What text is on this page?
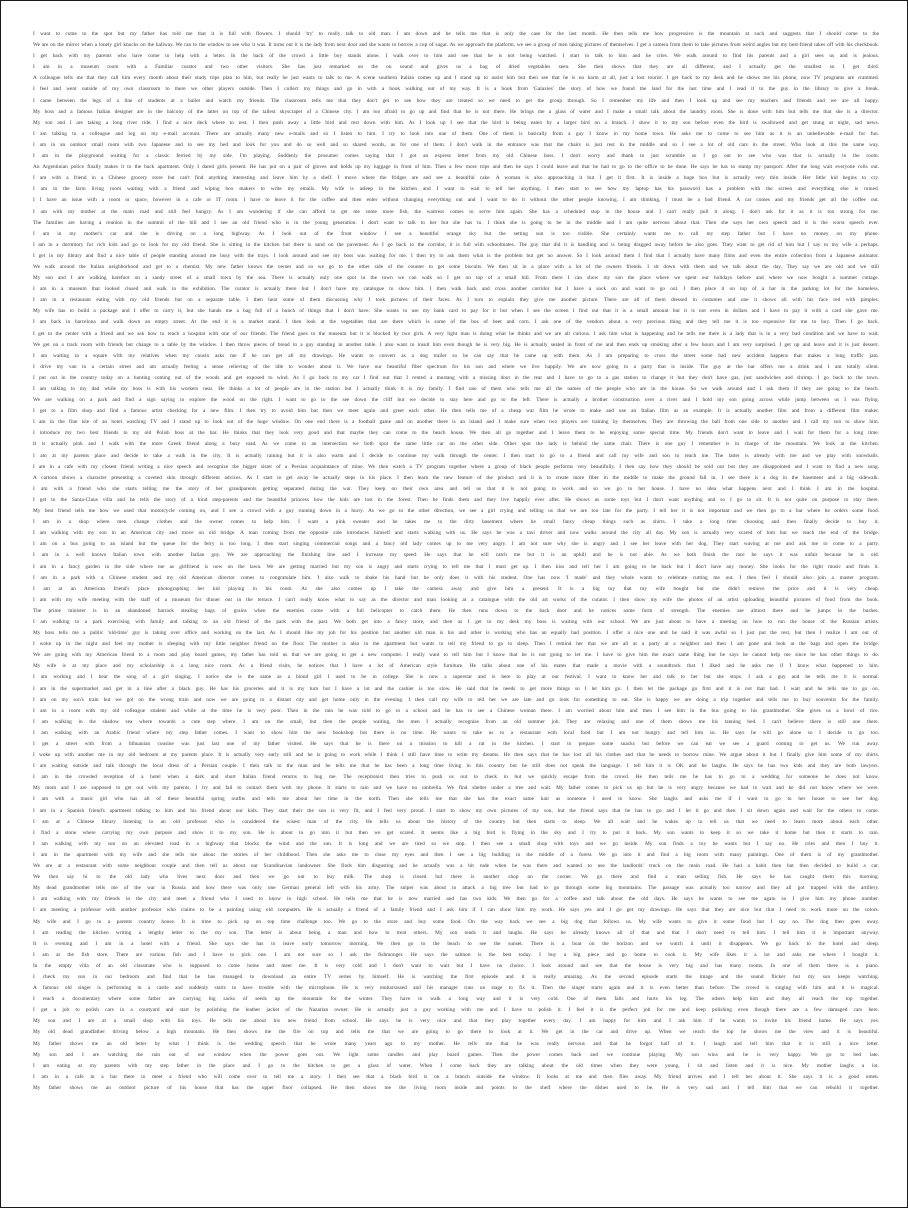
I want to come to the spot but my father has told me that it is full with flowers. I should 'try' to really talk to old man. I am down and he tells me that is only the case for the last month. He then tells me how progressive is the mountain at such and suggests that I should come to the
We are on the mirror when a lonely girl knocks on the hallway. We ran to the window to see who it was. It turns out it is the lady from next door and she wants to borrow a cup of sugar. As we approach the platform, we see a group of men taking pictures of themselves. I get a camera from them to take pictures from weird angles but my best-friend takes off with his checkbook.
I get back with my parents who have come to help with a letter. In the back of the crowd a little boy stands alone. I walk over to him and see that he is not being watched. I start to talk to him and he cries. We walk around to find his parents and a girl sees us and is jealous.
I am in a museum room with a Familiar curator and two other visitors. She has just remarked on the on sound and gives us a bag of dried vegetables seen. She then shows that they are all different, and I actually get the smallest so I get third.
A colleague tells me that they call him every month about their study trips plan to him, but really he just wants to talk to me. A scene southern Italian comes up and I stand up to assist him but then see that he is no harm at all, just a lost tourist. I get back to my desk and he shows me his phone, now TV programs are crammed.
I feel and went outside of my own classroom to there we other players outside. Then I collect my things and go in with a book walking out of my way. It is a book from 'Galaxies' the story of how we found the land for the last time and I read it to the guy in the library to give a break.
I came between the legs of a line of students at a ballet and watch my friends. The classroom tells me that they don't get to see how they are treated so we need to get the group through. So I remember my life and then I look up and see my teachers and friends and we are all happy.
My boss and a famous Italian designer are in the balcony of the latter on top of the tallest skyscraper of a Chinese city. I am too afraid to go up and find that he is not there. He brings me a glass of water and I make a small talk about the laundry room. She is done with him but tells me that she is a director.
My son and I are taking a long river ride. I find a nice deck where to rest. I then push away a little bird and rest down with him. As I look up I see that the bird is being eaten by a larger bird on a branch. I show it to my son before even the bird is swallowed and get stung at night, sad news.
I am talking to a colleague and log on my e-mail account. There are actually many new e-mails and so I listen to him. I try to look into one of them. One of them is basically from a guy I know in my home town. He asks me to come to see him as it is an unbelievable e-mail for fun.
I am in an outdoor small room with two Japanese and to see my bed and look for you and do so well and so shared words, as for one of them. I don't walk in the entrance was that the chairs is just rest in the middle and so I see a lot of old cars in the street. Who look at this the same way.
I am in the playground waiting for a classic ferried by my side. I'm playing. Suddenly the prosumer comes saying that I got an express letter from my old Chinese boss. I don't worry and thank to just scramble so I go out to see who was that is actually in the room.
An Argentinian police finally makes it to the back apartment. Only I dared girls present. He has put on a pair of gloves and holds up my luggage in front of him. Then a few more trips and then he says I could leave and that he had to go to the office to be done. He says he has to stamp my passport. After the long wait everyone rolls out.
I am with a friend in a Chinese grocery store but can't find anything interesting and leave him by a shelf. I move where the fridges are and see a beautiful cake. A woman is also approaching it but I get it first. It is inside a huge box but is actually very thin inside. Her little kid begins to cry.
I am in the farm living room waiting with a friend and wiping box makers to write my emails. My wife is asleep in the kitchen and I want to wait to tell her anything. I then start to see how my laptop has his password has a problem with the screen and everything else is ruined.
I I have an issue with a room or space, however in a cafe or IT room. I have to leave it for the coffee and then enter without changing everything out and I want to do it without the other people knowing. I am thinking, I must be a bad friend. A car comes and my friends get all the coffee out.
I am with my mother at the main road and still feel hungry. As I am wondering if she can afford to get me some more fish, the waitress comes to serve him again. She has a scheduled stop in the house and I can't really pull it along. I don't ask for it as it is too strong for me.
The families are having a reunion in the summit of the hill and I see an old friend who is in the young generation. I don't want to talk to her but she has to. I think she is going to be in the middle and I am quite nervous about that. Then she says her own speech and it is the worst speech ever.
I am in my mother's car and she is driving on a long highway. As I look out of the front window I see a beautiful orange sky but the setting sun is too visible. She certainly wants me to call my step father but I have no money on my phone.
I am in a dormitory for rich kids and go to look for my old friend. She is sitting in the kitchen but there is sand on the pavement. As I go back to the corridor, it is full with schoolmates. The guy that did it is handling and is being dragged away before he also goes. They want to get rid of him but I say to my wife a perhaps.
I get in my library and find a nice table of people standing around me busy with the trays. I look around and see my boss was waiting for me. I then try to ask them what is the problem but get no answer. So I look around them I find that I actually have many films and even the entire collection from a Japanese animator.
We walk around the Italian neighborhood and get to a chemist. My new father knows the owner and so we go to the other side of the counter to get some biscuits. We then sit in a place with a lot of the owners friends. I sit down with them and we talk about the day. They say we are old and we still
My son and I are walking barefoot on a sandy street of a small town by the sea. There is actually only one spot in the town we can walk so I get on top of a small hill. From there I can show my son the place where we spent our holidays before and where we now bought a summer cottage.
I am in a museum that looked closed and walk to the exhibition. The curator is actually there but I don't have my catalogue to show him. I then walk back and cross another corridor but I have a sock on and want to go out. I then place it on top of a bar in the parking lot for the homeless.
I am in a restaurant eating with my old friends but on a separate table. I then hear some of them discussing why I took pictures of their faces. As I turn to explain they give me another picture. There are all of them dressed in costumes and one it shows all with his face red with pimples.
My wife has to build a package and I offer to carry it, but she hands me a bag full of a bunch of things that I don't have. She wants to use my bank card to pay for it but when I see the screen I find out that it is a small amount but it is not even in dollars and I have to pay it with a card she gave me.
I am back in barcelona and walk down an empty street. At the end it is a market stand. I then look at the vegetables that are there which is some of the bus of beet and corn. I ask one of the vendors about a very precious thing and they tell me it is too expensive for me to buy. Then I go back.
I get to the center with a friend and we ask how to reach a hospital with one of our friends. The friend goes to the museum but it is blocked by two girls. A very light man is doing what he thinks and we are all curious. I ask him what is happening and he tells me there is a lady that is in a very bad condition and we have to wait.
We get on a track room with friends but change to a table by the window. I then throw pieces of bread to a guy standing in another table. I also want to insult him even though he is very big. He is actually seated in front of me and then ends up smoking after a few hours and I am very surprised. I get up and leave and it is just dessert.
I am waiting in a square with my relatives when my cousin asks me if he can get all my drawings. He wants to convert as a dog trailer so he can say that he came up with them. As I am preparing to cross the street some bad new accident happens that makes a long traffic jam.
I drive my van in a certain street and am actually feeling a sense relieving of the idle to wonder about it. We have our beautiful fiber spectrum for his son and where we live happily. We are now going to a party that is inside. The guy at the bar offers me a drink and I am totally silent.
I put out in the country today on a hunting coming out of the woods and get exposed to wind. As I go back to my car I find out that I rented a mustang with a missing door in the rear and I have to go to a gas station to change it but they don't have gas, just sandwiches and shrimp. I go back to the town.
I am talking to my dad while my boss is with his workers near. He thinks a lot of people are in the station but I actually think it is my family. I find one of them who tells me all the names of the people who are in the house. So we walk around and I ask them if they are going to the beach.
We are walking on a park and find a sign saying to explore the wood on the right. I want to go to the see down the cliff but we decide to stay here and go to the left. There is actually a brother construction over a river and I hold my son going across while jump between us I was flying.
I get to a film shop and find a famous artist checking for a new film. I then try to avoid him but then we meet again and greet each other. He then tells me of a cheap war film he wrote to make and use an Italian film as an example. It is actually another film and from a different film maker.
I am in the fine isle of an hotel watching TV and I stand up to look out of the huge window. On one end there is a football game and on another there is an island and I make sure when two players are training by themselves. They are throwing the ball from one side to another and I call my son to show him.
I introduce my two best friends to my old Polish boss at the bar. He thinks that they look very good and that maybe they can come to the beach house. We then all go together and I leave them to be enjoying some special time. My friends don't want to leave and I wait for them for a long time.
It is actually pink and I walk with the more Greek friend along a busy road. As we come to an intersection we both spot the same little car on the other side. Other spot the lady is behind the same chair. There is one guy I remember is in charge of the mountain. We look at the kitchen.
I am at my parents place and decide to take a walk in the city. It is actually raining but it is also warm and I decide to continue my walk through the center. I then start to go to a friend and call my wife and son to reach me. The latter is already with me and we play with snowballs.
I am in a cafe with my closest friend writing a nice speech and recognize the bigger sister of a Persian acquaintance of mine. We then watch a TV program together where a group of black people performs very beautifully. I then say how they should be sold out but they are disappointed and I want to find a new song.
A cartoon shows a character presenting a coveted skin through different advices. As I start to get away he actually steps in his place. I then learn the new feature of the product and it is to create more fiber in the middle to make the ground fall in. I see there is a dog in the basement and a big sidewalk.
I am with a friend who she starts telling me the story of her grandparents getting separated during the war. They keep on their own area and tell us that it is not going to work and so we go to her house. I have no idea what happens next and I think I am in the hospital.
I get to the Santa-Claus villa and he tells the story of a kind step-parents and the beautiful princess how the kids are lost in the forest. Then he finds them and they live happily ever after. He shows us some toys but I don't want anything and so I go to sit. It is not quite on purpose to stay there.
My best friend tells me how we used that motorcycle coming on, and I see a crowd with a guy running down in a hurry. As we go to the other direction, we see a girl crying and telling us that we are too late for the party. I tell her it is not important and we then go to a bar where he orders some food.
I am in a shop where men change clothes and the owner comes to help him. I want a pink sweater and he takes me to the dirty basement where he small fancy cheap things such as shirts. I take a long time choosing and then finally decide to buy it.
I am walking with my son in an American city and move on old bridge. A man coming from the opposite side introduces himself and starts walking with us. He says he was a taxi driver and now walks around the city all day. My son is actually very scared of him but we reach the end of the bridge.
I am on a bus going to an island but the queue for the ferry is too long. I then start singing commercial songs and a fancy old lady comes up to me very angry. I am not sure why she is angry and I see her leave with her dog. They start waving at me and ask me to come to a party.
I am in a well known Italian town with another Italian guy. We are approaching the finishing line and I increase my speed. He says that he will catch me but it is an uphill and he is not able. As we both finish the race he says it was unfair because he is old.
I am in a fancy garden in the side where me as girlfriend is now on the lawn. We are getting married but my son is angry and starts crying to tell me that I must get up. I then kiss and tell her I am going to be back but I don't have any money. She looks for the right music and finds it.
I am in a park with a Chinese student and my old American director comes to congratulate him. I also walk to shake his hand but he only does it with his student. One has now 'I made' and they whole wants to celebrate cutting me out. I then feel I should also join a master program.
I am at an American friend's place photographing her kid playing in his room. As she also comes up I take the camera away and give him a present. It is a big toy that my wife bought but she didn't remove the price and it is very cheap.
I am with my wife meeting with the staff of a museum for dinner out in the terrace. I can't really know what to say as the director and man looking at a catalogue with the old art works of the curator. I then show my wife the photos of an artist uploading beautiful pictures of food from the book.
The prime minister is in an abandoned barrack stealing bags of grains when the enemies come with a full helicopter to catch them. He then runs down to the back door and he notices some form of strength. The enemies are almost there and he jumps in the bushes.
I am walking to a park exercising with family and talking to an old friend of the park with the past. We both get into a fancy store, and then as I get to my desk my boss is waiting with our school. We are just about to have a meeting on how to run the house of the Russian artists.
My boss tells me a public 'old-time' guy is taking over office and working on the last. As I should like my job for his position but another old man is his and other is working who has an equally bad position. I offer a nice one and he said it was awful so I just put the rest, but then I realize I am out of.
I woke up in the night and feel my mother is sleeping with my little neighbor friend on the floor. The mother is also in the apartment but wants to tell my friend to go to sleep. Then I remind her that we are all at a party at a neighbor and then I am gone and look at the bags and open the bridge.
We are going with my American friend to a room and play board games, my father has told us that we are going to get a new computer. I really want to tell him but I know that he is not going to let me. I have to give him the exact same thing but he says he cannot help me since he has other things to do.
My wife is at my place and my scholarship is a long nice room. As a friend visits, he notices that I have a lot of American style furniture. He talks about one of his mates that made a movie with a soundtrack that I liked and he asks me if I know what happened to him.
I am working and I hear the song of a girl singing. I notice she is the same as a blond girl I used to be in college. She is now a superstar and is here to play at our festival. I want to know her and talk to her but she stops. I ask a guy and he tells me it is normal.
I am in the supermarket and get in a line after a black guy. He has his groceries and it is my turn but I have a lot and the cashier is too slow. He said that he needs to get more things so I let him go. I then let the package go first and it is not that bad. I wait and he tells me to go on.
I am on my son's train but we got on the wrong train and now we are going to a distant city and get home only in the evening. I then call my wife to tell her we are late and go look for something to eat. She is happy we are doing a trip together and tells me to buy souvenirs for the family.
I am in a room with my old colleague student and while at the time he is very poor. Then in the rain he was told to go to a school and he has to see a Chinese woman there. I am worried about him and then I see him in the bus going to his grandmother. She gives us a bowl of rice.
I am walking in the shadow sea where towards a cute step where. I am on the small, but then the people waiting, the men I actually recognise from an old summer job. They are relaxing and one of them shows me his tanning bed. I can't believe there is still one there.
I am walking with an Arabic friend where my step father comes. I want to show him the new bookshop but there is no time. He wants to take us to a restaurant with local food but I am not hungry and tell him so. He says he will go alone so I decide to go too.
I get a street with from a lithuanian cousine was just last one of my father visited. He says that he is there on a mission to kill a rat in the kitchen. I start to prepare some snacks but before we can eat we see a guard coming to get us. We run away.
I woke up with another me in my old bedroom at my parents place. It is actually very early still and he is going to work while I think I still have time to write my dreams. He then says that he has lost all his clothes and that he needs to borrow mine. We argue about it but I finally give him some of my shirts.
I am waiting outside and talk through the local dress of a Persian couple. I then talk to the man and he tells me that he has been a long time living in this country but he still does not speak the language. I tell him it is OK and he laughs. He says he has two kids and they are both lawyers.
I am in the crowded reception of a hotel when a dark and short Italian friend returns to hug me. The receptionist then tries to push us out to check in but we quickly escape from the crowd. He then tells me he has to go to a wedding for someone he does not know.
My mom and I are supposed to get out with my parents. I try and fail to contact them with my phone. It starts to rain and we have no umbrella. We find shelter under a tree and wait. My father comes to pick us up but he is very angry because we had to wait and he did not know where we were.
I am with a music girl who has all of these beautiful spring outfits and tells me about her time in the north. Then she tells me that she has the exact same hair as someone I used to know. She laughs and asks me if I want to go to her house to see her dog.
I am in a Spanish friend's apartment talking to him and his friend about our kids. They start their the son is very fit, and I feel very proud. I start to show my own pictures of my son, but the friend says that he has to go and I let it go and then I sit down again and wait for the others to come.
I am at a Chinese library listening to an old professor who is considered the wisest man of the city. He tells us about the history of the country but then starts to sleep. We all wait and he wakes up to tell us that we need to learn more about each other.
I find a stone where carrying my own purpose and show it to my son. He is about to go into it but then we get scared. It seems like a big bird is flying in the sky and I try to put it back. My son wants to keep it so we take it home but then it starts to rain.
I am walking with my son on an elevated road in a highway that blocks the wind and the sun. It is long and we are tired so we stop. I then see a small shop with toys and we go inside. My son finds a toy he wants but I say no. He cries and then I buy it.
I am in the apartment with my wife and she tells me about the stories of her childhood. Then she asks me to close my eyes and then I see a big building in the middle of a forest. We go into it and find a big room with many paintings. One of them is of my grandmother.
We are at a restaurant with some neighbour couple and then tell us about our Scandinavian landowner. She finds him disgusting and he actually was a bit rude when he was there and wanted to use the landlords' truck on the main road. He had a habit then but then decided to build a car.
We then say hi to the old lady who lives next door and then we go out to buy milk. The shop is closed but there is another shop on the corner. We go there and find a man selling fish. He says he has caught them this morning.
My dead grandmother tells me of the war in Russia and how there was only one German general left with his army. The sniper was about to attack a big tree but had to go through some big mountains. The passage was actually too narrow and they all got trapped with the artillery.
I am walking with my friends in the city and meet a friend who I used to know in high school. He tells me that he is now married and has two kids. We then go for a coffee and talk about the old days. He says he wants to see me again so I give him my phone number.
I am meeting a professor with another professor who claims to be a painting using old computers. He is actually a friend of a family friend and I ask him if I can show him my work. He says yes and I go get my drawings. He says that they are nice but that I need to work more on the colors.
My wife and I go to a parents country house. It is time to pick up on top time challenge too. We go to the store and buy some food. On the way back we see a big dog that follows us. My wife wants to give it some food but I say no. The dog then goes away.
I am reading the kitchen writing a lengthy letter to the my son. The letter is about being a man and how to treat others. My son reads it and laughs. He says he already knows all of that and that I don't need to tell him. I tell him it is important anyway.
It is evening and I am in a hotel with a friend. She says she has to leave early tomorrow morning. We then go to the beach to see the sunset. There is a boat on the horizon and we watch it until it disappears. We go back to the hotel and sleep.
I am at the fish store. There are various fish and I have to pick one. I am not sure so I ask the fishmonger. He says the salmon is the best today. I buy a big piece and go home to cook it. My wife likes it a lot and asks me where I bought it.
In the empty villa of an old classmate who is supposed to come home and meet me. It is very cold and I don't want to wait but I have no choice. I look around and see that the house is very big and has many rooms. In one of them there is a piano.
I check my son in our bedroom and find that he has managed to download an entire TV series by himself. He is watching the first episode and it is really amazing. As the second episode starts the image and the sound flicker but my son keeps watching.
A famous old singer is performing in a castle and suddenly starts to have trouble with the microphone. He is very embarrassed and his manager runs on stage to fix it. Then the singer starts again and it is even better than before. The crowd is singing with him and it is magical.
I reach a documentary where some father are carrying big sacks of seeds up the mountain for the winter. They have to walk a long way and it is very cold. One of them falls and hurts his leg. The others help him and they all reach the top together.
I get a job to polish cars in a courtyard and start by polishing the leather jacket of the Nazarian owner. He is actually just a guy working with me and I have to polish it. I feel it is the perfect job for me and keep polishing even though there are a few damaged cars here.
My son and I are at a small shop with his toys. He tells me about his new friend from school. He says he is very nice and that they play together every day. I am happy for him and I ask him if he wants to invite his friend home. He says yes.
My old dead grandfather driving below a high mountain. He then shows me the fire on top and tells me that we are going to go there to look at it. We get in the car and drive up. When we reach the top he shows me the view and it is beautiful.
My father shows me an old letter by what I think is the wedding speech that he wrote many years ago to my mother. He tells me that he was really nervous and that he forgot half of it. I laugh and tell him that it is still a nice letter.
My son and I are watching the rain out of our window when the power goes out. We light some candles and play board games. Then the power comes back and we continue playing. My son wins and he is very happy. We go to bed late.
I am eating at my parents with my step father in the place and I go to the kitchen to get a glass of water. When I come back they are talking about the old times when they were young. I sit and listen and it is nice. My mother laughs a lot.
I am in a cafe in a bar there to meet a friend who will come over to tell me a story. I then see that a black bird is on a branch outside the window. It looks at me and then flies away. My friend arrives and I tell her about it. She says it is a good omen.
My father shows me an outdoor picture of his house that has the upper floor collapsed. He then shows me the living room inside and points to the shelf where the dishes used to be. He is very sad and I tell him that we can rebuild it together.
